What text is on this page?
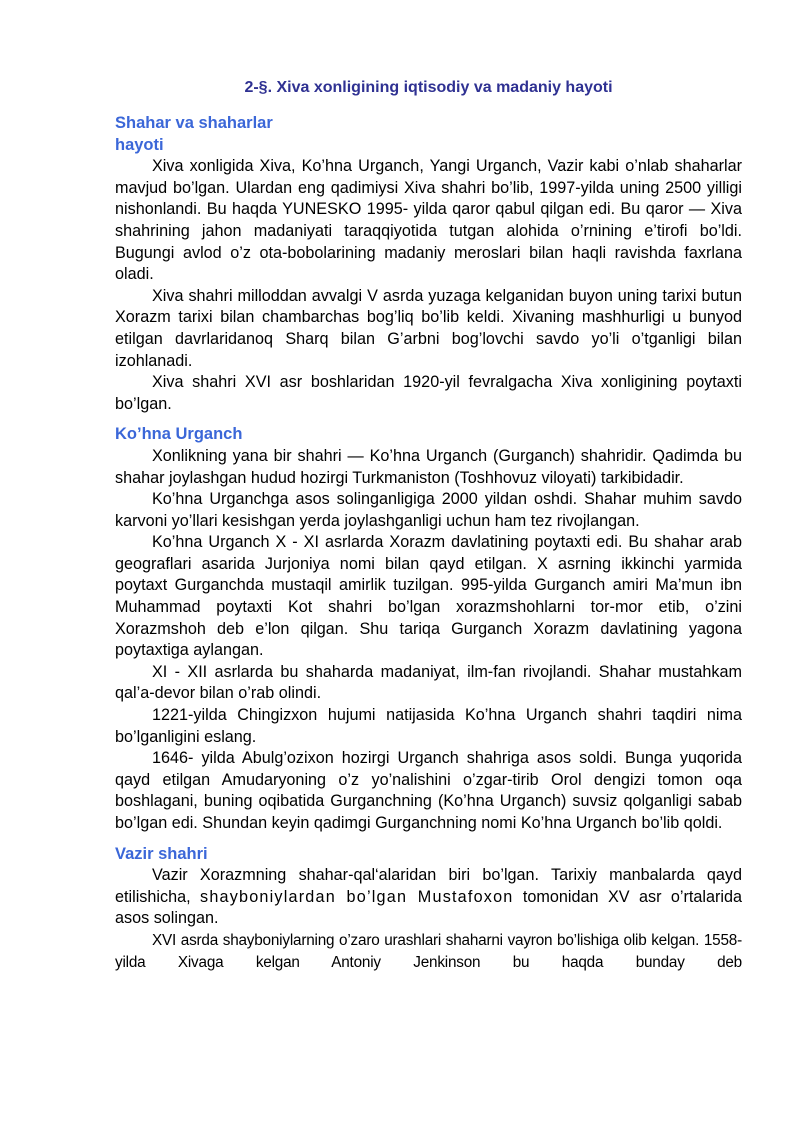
2-§. Xiva xonligining iqtisodiy va madaniy hayoti
Shahar va shaharlar
hayoti

Xiva xonligida Xiva, Ko’hna Urganch, Yangi Urganch, Vazir kabi o’nlab shaharlar mavjud bo’lgan. Ulardan eng qadimiysi Xiva shahri bo’lib, 1997-yilda uning 2500 yilligi nishonlandi. Bu haqda YUNESKO 1995- yilda qaror qabul qilgan edi. Bu qaror — Xiva shahrining jahon madaniyati taraqqiyotida tutgan alohida o’rnining e’tirofi bo’ldi. Bugungi avlod o’z ota-bobolarining madaniy meroslari bilan haqli ravishda faxrlana oladi.

Xiva shahri milloddan avvalgi V asrda yuzaga kelganidan buyon uning tarixi butun Xorazm tarixi bilan chambarchas bog’liq bo’lib keldi. Xivaning mashhurligi u bunyod etilgan davrlaridanoq Sharq bilan G’arbni bog’lovchi savdo yo’li o’tganligi bilan izohlanadi.

Xiva shahri XVI asr boshlaridan 1920-yil fevralgacha Xiva xonligining poytaxti bo’lgan.

Ko’hna Urganch

Xonlikning yana bir shahri — Ko’hna Urganch (Gurganch) shahridir. Qadimda bu shahar joylashgan hudud hozirgi Turkmaniston (Toshhovuz viloyati) tarkibidadir.

Ko’hna Urganchga asos solinganligiga 2000 yildan oshdi. Shahar muhim savdo karvoni yo’llari kesishgan yerda joylashganligi uchun ham tez rivojlangan.

Ko’hna Urganch X - XI asrlarda Xorazm davlatining poytaxti edi. Bu shahar arab geograflari asarida Jurjoniya nomi bilan qayd etilgan. X asrning ikkinchi yarmida poytaxt Gurganchda mustaqil amirlik tuzilgan. 995-yilda Gurganch amiri Ma’mun ibn Muhammad poytaxti Kot shahri bo’lgan xorazmshohlarni tor-mor etib, o’zini Xorazmshoh deb e’lon qilgan. Shu tariqa Gurganch Xorazm davlatining yagona poytaxtiga aylangan.

XI - XII asrlarda bu shaharda madaniyat, ilm-fan rivojlandi. Shahar mustahkam qal’a-devor bilan o’rab olindi.

1221-yilda Chingizxon hujumi natijasida Ko’hna Urganch shahri taqdiri nima bo’lganligini eslang.

1646- yilda Abulg’ozixon hozirgi Urganch shahriga asos soldi. Bunga yuqorida qayd etilgan Amudaryoning o’z yo’nalishini o’zgar-tirib Orol dengizi tomon oqa boshlagani, buning oqibatida Gurganchning (Ko’hna Urganch) suvsiz qolganligi sabab bo’lgan edi. Shundan keyin qadimgi Gurganchning nomi Ko’hna Urganch bo’lib qoldi.

Vazir shahri

Vazir Xorazmning shahar-qal‘alaridan biri bo’lgan. Tarixiy manbalarda qayd etilishicha, shayboniylardan bo’lgan Mustafoxon tomonidan XV asr o’rtalarida asos solingan.

XVI asrda shayboniylarning o’zaro urashlari shaharni vayron bo’lishiga olib kelgan. 1558- yilda Xivaga kelgan Antoniy Jenkinson bu haqda bunday deb
